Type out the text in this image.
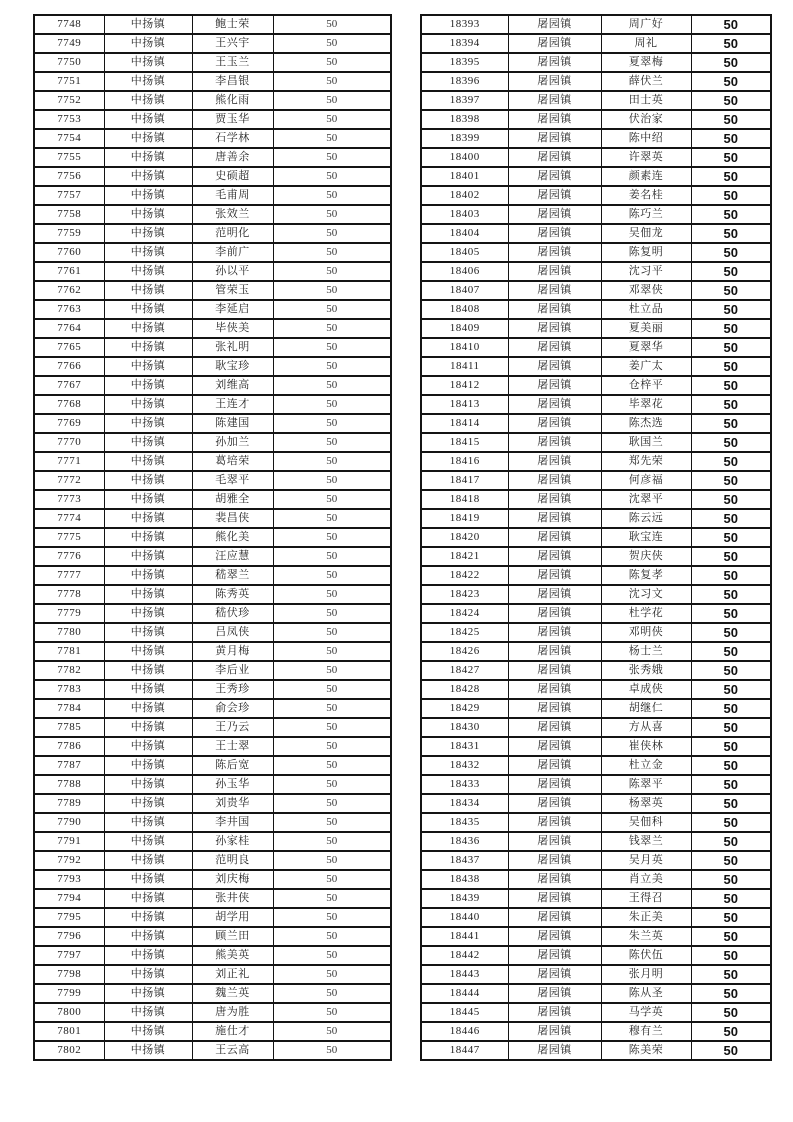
7748	中扬镇	鲍士荣	50
7749	中扬镇	王兴宇	50
7750	中扬镇	王玉兰	50
7751	中扬镇	李昌银	50
7752	中扬镇	熊化雨	50
7753	中扬镇	贾玉华	50
7754	中扬镇	石学林	50
7755	中扬镇	唐善余	50
7756	中扬镇	史硕超	50
7757	中扬镇	毛甫周	50
7758	中扬镇	张效兰	50
7759	中扬镇	范明化	50
7760	中扬镇	李前广	50
7761	中扬镇	孙以平	50
7762	中扬镇	管荣玉	50
7763	中扬镇	李延启	50
7764	中扬镇	毕侠美	50
7765	中扬镇	张礼明	50
7766	中扬镇	耿宝珍	50
7767	中扬镇	刘维高	50
7768	中扬镇	王连才	50
7769	中扬镇	陈建国	50
7770	中扬镇	孙加兰	50
7771	中扬镇	葛培荣	50
7772	中扬镇	毛翠平	50
7773	中扬镇	胡雅全	50
7774	中扬镇	裴昌侠	50
7775	中扬镇	熊化美	50
7776	中扬镇	汪应慧	50
7777	中扬镇	嵇翠兰	50
7778	中扬镇	陈秀英	50
7779	中扬镇	嵇伏珍	50
7780	中扬镇	吕凤侠	50
7781	中扬镇	黄月梅	50
7782	中扬镇	李后业	50
7783	中扬镇	王秀珍	50
7784	中扬镇	俞会珍	50
7785	中扬镇	王乃云	50
7786	中扬镇	王士翠	50
7787	中扬镇	陈后宽	50
7788	中扬镇	孙玉华	50
7789	中扬镇	刘贵华	50
7790	中扬镇	李井国	50
7791	中扬镇	孙家桂	50
7792	中扬镇	范明良	50
7793	中扬镇	刘庆梅	50
7794	中扬镇	张井侠	50
7795	中扬镇	胡学用	50
7796	中扬镇	顾兰田	50
7797	中扬镇	熊美英	50
7798	中扬镇	刘正礼	50
7799	中扬镇	魏兰英	50
7800	中扬镇	唐为胜	50
7801	中扬镇	施仕才	50
7802	中扬镇	王云高	50
18393	屠园镇	周广好	50
18394	屠园镇	周礼	50
18395	屠园镇	夏翠梅	50
18396	屠园镇	薛伏兰	50
18397	屠园镇	田士英	50
18398	屠园镇	伏治家	50
18399	屠园镇	陈中绍	50
18400	屠园镇	许翠英	50
18401	屠园镇	颜素连	50
18402	屠园镇	姜名桂	50
18403	屠园镇	陈巧兰	50
18404	屠园镇	吴佃龙	50
18405	屠园镇	陈复明	50
18406	屠园镇	沈习平	50
18407	屠园镇	邓翠侠	50
18408	屠园镇	杜立品	50
18409	屠园镇	夏美丽	50
18410	屠园镇	夏翠华	50
18411	屠园镇	姜广太	50
18412	屠园镇	仓梓平	50
18413	屠园镇	毕翠花	50
18414	屠园镇	陈杰选	50
18415	屠园镇	耿国兰	50
18416	屠园镇	郑先荣	50
18417	屠园镇	何彦福	50
18418	屠园镇	沈翠平	50
18419	屠园镇	陈云远	50
18420	屠园镇	耿宝连	50
18421	屠园镇	贺庆侠	50
18422	屠园镇	陈复孝	50
18423	屠园镇	沈习文	50
18424	屠园镇	杜学花	50
18425	屠园镇	邓明侠	50
18426	屠园镇	杨士兰	50
18427	屠园镇	张秀娥	50
18428	屠园镇	卓成侠	50
18429	屠园镇	胡继仁	50
18430	屠园镇	方从喜	50
18431	屠园镇	崔侠林	50
18432	屠园镇	杜立金	50
18433	屠园镇	陈翠平	50
18434	屠园镇	杨翠英	50
18435	屠园镇	吴佃科	50
18436	屠园镇	钱翠兰	50
18437	屠园镇	吴月英	50
18438	屠园镇	肖立美	50
18439	屠园镇	王得召	50
18440	屠园镇	朱正美	50
18441	屠园镇	朱兰英	50
18442	屠园镇	陈伏伍	50
18443	屠园镇	张月明	50
18444	屠园镇	陈从圣	50
18445	屠园镇	马学英	50
18446	屠园镇	穆有兰	50
18447	屠园镇	陈美荣	50
